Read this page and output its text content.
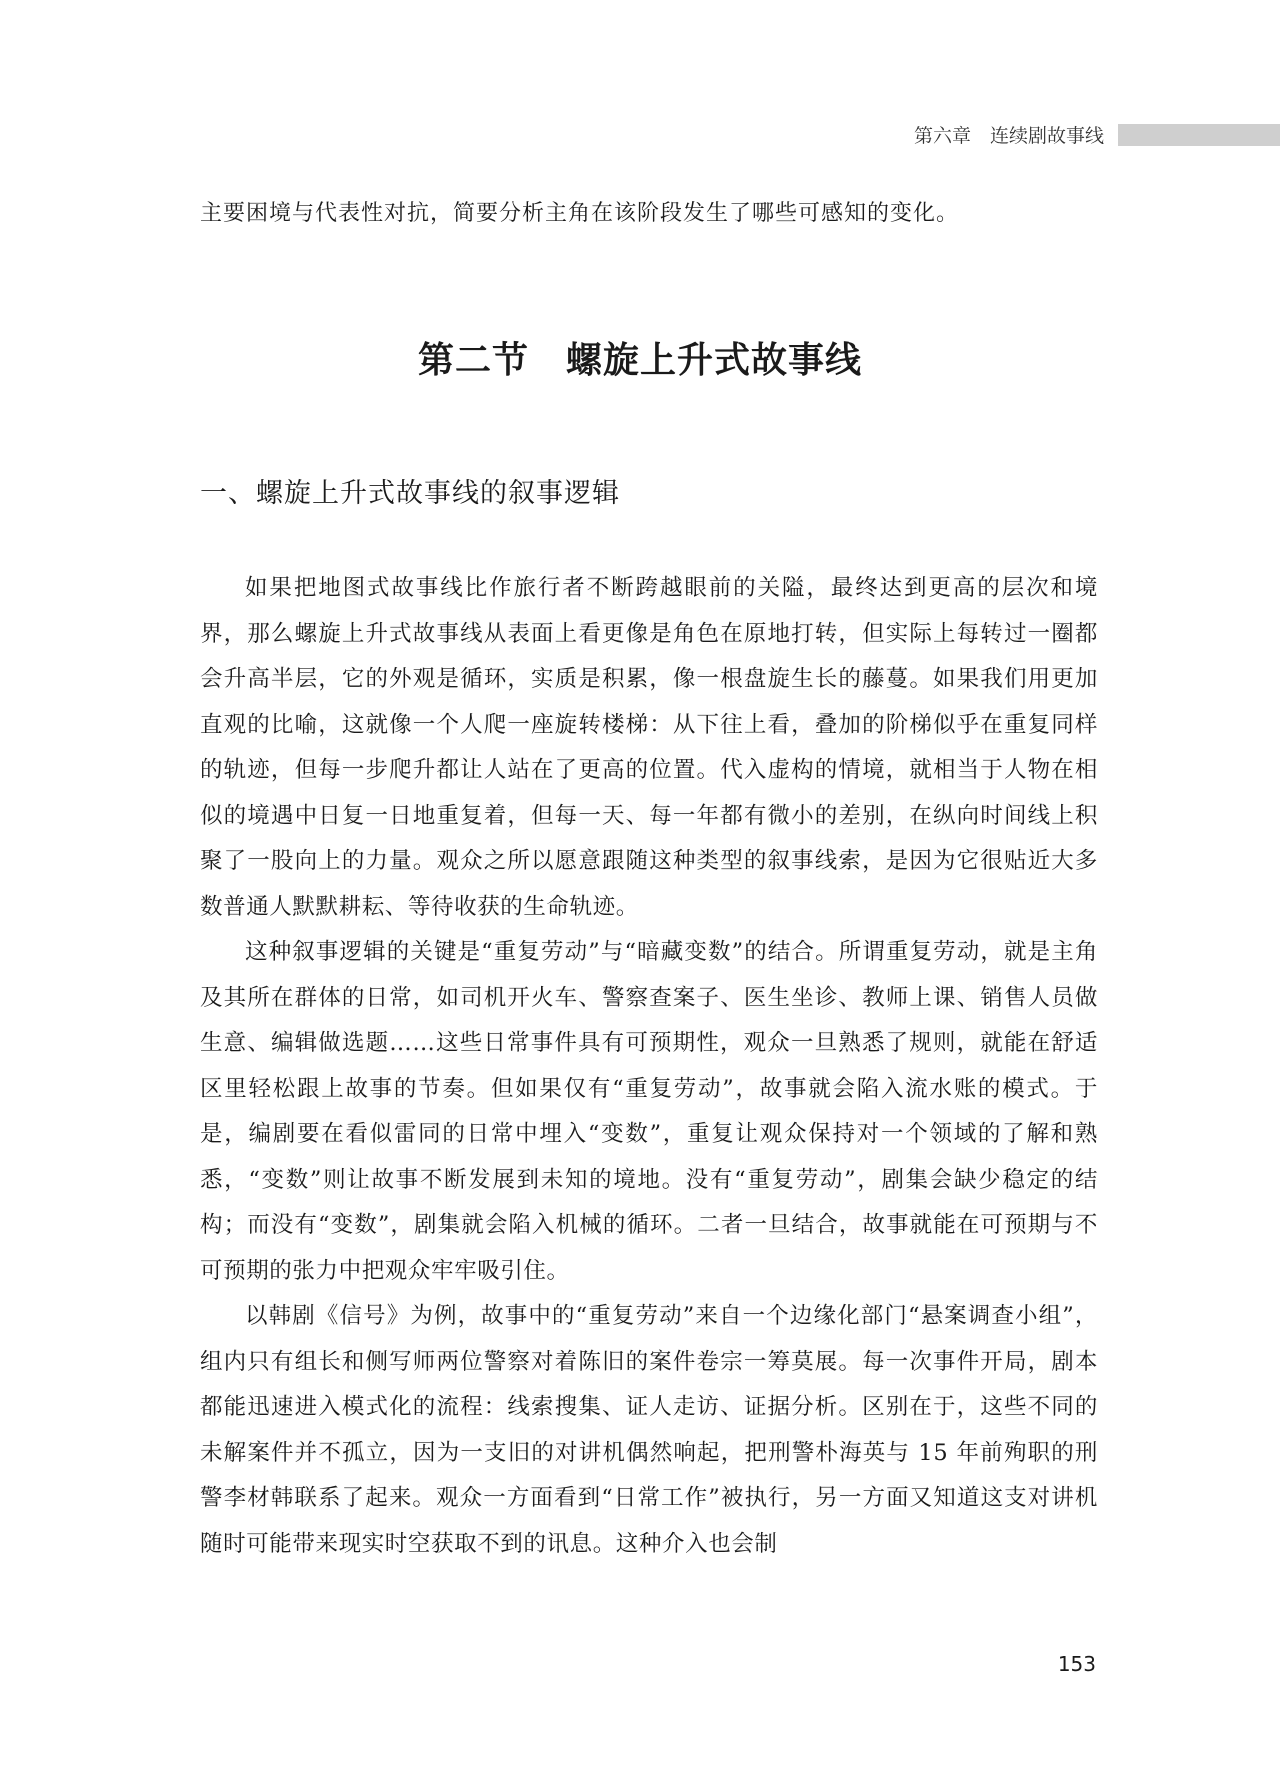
第六章　连续剧故事线
主要困境与代表性对抗，简要分析主角在该阶段发生了哪些可感知的变化。
第二节　螺旋上升式故事线
一、螺旋上升式故事线的叙事逻辑

如果把地图式故事线比作旅行者不断跨越眼前的关隘，最终达到更高的层次和境界，那么螺旋上升式故事线从表面上看更像是角色在原地打转，但实际上每转过一圈都会升高半层，它的外观是循环，实质是积累，像一根盘旋生长的藤蔓。如果我们用更加直观的比喻，这就像一个人爬一座旋转楼梯：从下往上看，叠加的阶梯似乎在重复同样的轨迹，但每一步爬升都让人站在了更高的位置。代入虚构的情境，就相当于人物在相似的境遇中日复一日地重复着，但每一天、每一年都有微小的差别，在纵向时间线上积聚了一股向上的力量。观众之所以愿意跟随这种类型的叙事线索，是因为它很贴近大多数普通人默默耕耘、等待收获的生命轨迹。

这种叙事逻辑的关键是“重复劳动”与“暗藏变数”的结合。所谓重复劳动，就是主角及其所在群体的日常，如司机开火车、警察查案子、医生坐诊、教师上课、销售人员做生意、编辑做选题……这些日常事件具有可预期性，观众一旦熟悉了规则，就能在舒适区里轻松跟上故事的节奏。但如果仅有“重复劳动”，故事就会陷入流水账的模式。于是，编剧要在看似雷同的日常中埋入“变数”，重复让观众保持对一个领域的了解和熟悉，“变数”则让故事不断发展到未知的境地。没有“重复劳动”，剧集会缺少稳定的结构；而没有“变数”，剧集就会陷入机械的循环。二者一旦结合，故事就能在可预期与不可预期的张力中把观众牢牢吸引住。

以韩剧《信号》为例，故事中的“重复劳动”来自一个边缘化部门“悬案调查小组”，组内只有组长和侧写师两位警察对着陈旧的案件卷宗一筹莫展。每一次事件开局，剧本都能迅速进入模式化的流程：线索搜集、证人走访、证据分析。区别在于，这些不同的未解案件并不孤立，因为一支旧的对讲机偶然响起，把刑警朴海英与 15 年前殉职的刑警李材韩联系了起来。观众一方面看到“日常工作”被执行，另一方面又知道这支对讲机随时可能带来现实时空获取不到的讯息。这种介入也会制

153
